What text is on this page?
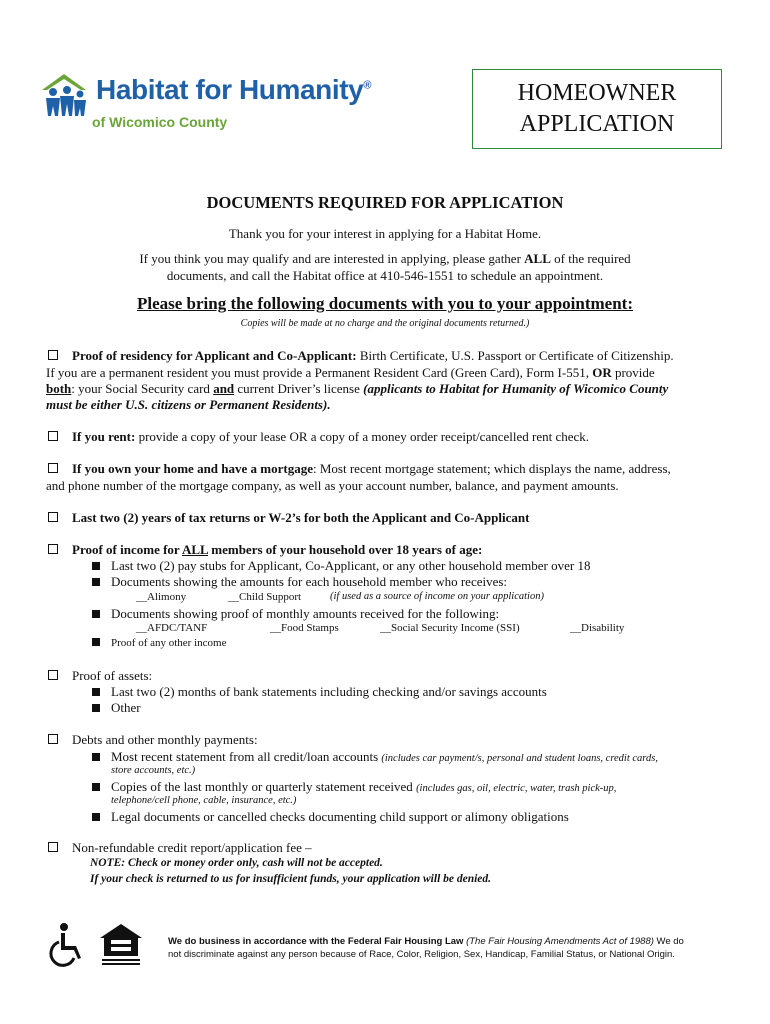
Habitat for Humanity®
of Wicomico County
HOMEOWNER
APPLICATION
DOCUMENTS REQUIRED FOR APPLICATION
Thank you for your interest in applying for a Habitat Home.
If you think you may qualify and are interested in applying, please gather ALL of the required
documents, and call the Habitat office at 410-546-1551 to schedule an appointment.
Please bring the following documents with you to your appointment:
Copies will be made at no charge and the original documents returned.)
Proof of residency for Applicant and Co-Applicant: Birth Certificate, U.S. Passport or Certificate of Citizenship.
If you are a permanent resident you must provide a Permanent Resident Card (Green Card), Form I-551, OR provide
both: your Social Security card and current Driver’s license (applicants to Habitat for Humanity of Wicomico County
must be either U.S. citizens or Permanent Residents).
If you rent: provide a copy of your lease OR a copy of a money order receipt/cancelled rent check.
If you own your home and have a mortgage: Most recent mortgage statement; which displays the name, address,
and phone number of the mortgage company, as well as your account number, balance, and payment amounts.
Last two (2) years of tax returns or W-2’s for both the Applicant and Co-Applicant
Proof of income for ALL members of your household over 18 years of age:
Last two (2) pay stubs for Applicant, Co-Applicant, or any other household member over 18
Documents showing the amounts for each household member who receives:
__Alimony	__Child Support	(if used as a source of income on your application)
Documents showing proof of monthly amounts received for the following:
__AFDC/TANF	__Food Stamps	__Social Security Income (SSI)	__Disability
Proof of any other income
Proof of assets:
Last two (2) months of bank statements including checking and/or savings accounts
Other
Debts and other monthly payments:
Most recent statement from all credit/loan accounts (includes car payment/s, personal and student loans, credit cards,
store accounts, etc.)
Copies of the last monthly or quarterly statement received (includes gas, oil, electric, water, trash pick-up,
telephone/cell phone, cable, insurance, etc.)
Legal documents or cancelled checks documenting child support or alimony obligations
Non-refundable credit report/application fee –
NOTE: Check or money order only, cash will not be accepted.
If your check is returned to us for insufficient funds, your application will be denied.

We do business in accordance with the Federal Fair Housing Law (The Fair Housing Amendments Act of 1988) We do
not discriminate against any person because of Race, Color, Religion, Sex, Handicap, Familial Status, or National Origin.
